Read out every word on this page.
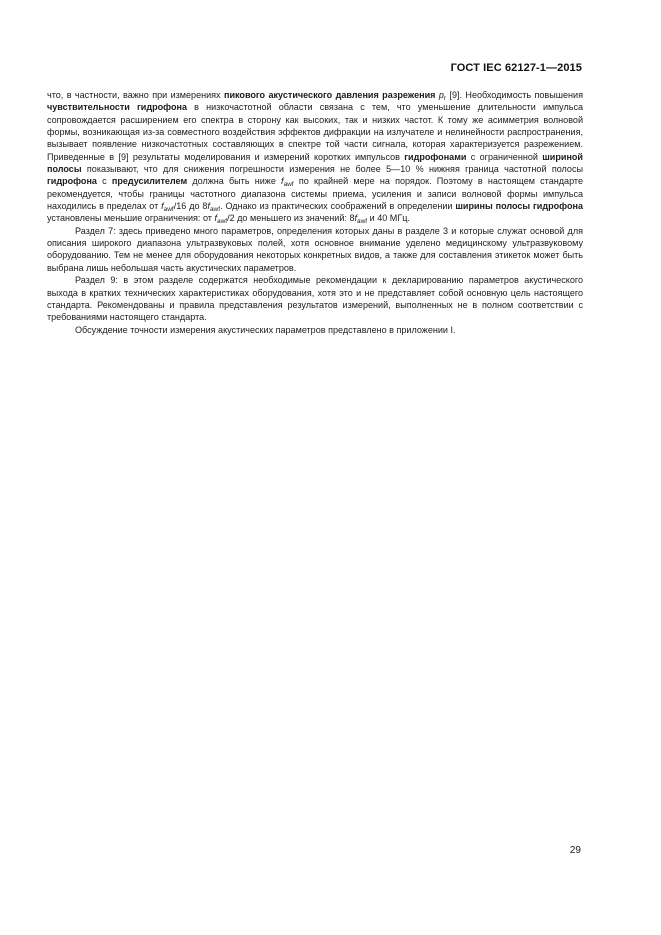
ГОСТ IEC 62127-1—2015

что, в частности, важно при измерениях пикового акустического давления разрежения $p_r$ [9]. Необходимость повышения чувствительности гидрофона в низкочастотной области связана с тем, что уменьшение длительности импульса сопровождается расширением его спектра в сторону как высоких, так и низких частот. К тому же асимметрия волновой формы, возникающая из-за совместного воздействия эффектов дифракции на излучателе и нелинейности распространения, вызывает появление низкочастотных составляющих в спектре той части сигнала, которая характеризуется разрежением. Приведенные в [9] результаты моделирования и измерений коротких импульсов гидрофонами с ограниченной шириной полосы показывают, что для снижения погрешности измерения не более 5—10 % нижняя граница частотной полосы гидрофона с предусилителем должна быть ниже $f_{awf}$ по крайней мере на порядок. Поэтому в настоящем стандарте рекомендуется, чтобы границы частотного диапазона системы приема, усиления и записи волновой формы импульса находились в пределах от $f_{awf}/16$ до $8f_{awf}$. Однако из практических соображений в определении ширины полосы гидрофона установлены меньшие ограничения: от $f_{awf}/2$ до меньшего из значений: $8f_{awf}$ и 40 МГц.

Раздел 7: здесь приведено много параметров, определения которых даны в разделе 3 и которые служат основой для описания широкого диапазона ультразвуковых полей, хотя основное внимание уделено медицинскому ультразвуковому оборудованию. Тем не менее для оборудования некоторых конкретных видов, а также для составления этикеток может быть выбрана лишь небольшая часть акустических параметров.

Раздел 9: в этом разделе содержатся необходимые рекомендации к декларированию параметров акустического выхода в кратких технических характеристиках оборудования, хотя это и не представляет собой основную цель настоящего стандарта. Рекомендованы и правила представления результатов измерений, выполненных не в полном соответствии с требованиями настоящего стандарта.

Обсуждение точности измерения акустических параметров представлено в приложении I.

29
